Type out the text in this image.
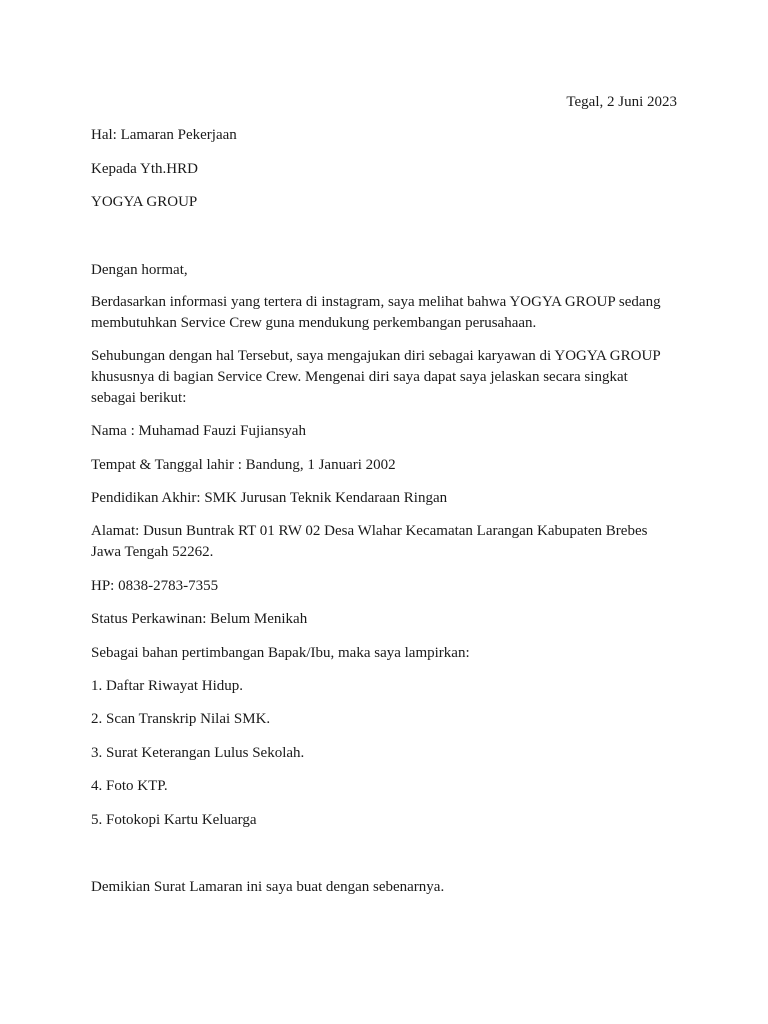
Tegal, 2 Juni 2023

Hal: Lamaran Pekerjaan

Kepada Yth.HRD

YOGYA GROUP

Dengan hormat,

Berdasarkan informasi yang tertera di instagram, saya melihat bahwa YOGYA GROUP sedang
membutuhkan Service Crew guna mendukung perkembangan perusahaan.
Sehubungan dengan hal Tersebut, saya mengajukan diri sebagai karyawan di YOGYA GROUP
khususnya di bagian Service Crew. Mengenai diri saya dapat saya jelaskan secara singkat
sebagai berikut:

Nama : Muhamad Fauzi Fujiansyah

Tempat & Tanggal lahir : Bandung, 1 Januari 2002

Pendidikan Akhir: SMK Jurusan Teknik Kendaraan Ringan

Alamat: Dusun Buntrak RT 01 RW 02 Desa Wlahar Kecamatan Larangan Kabupaten Brebes
Jawa Tengah 52262.

HP: 0838-2783-7355

Status Perkawinan: Belum Menikah

Sebagai bahan pertimbangan Bapak/Ibu, maka saya lampirkan:

1. Daftar Riwayat Hidup.

2. Scan Transkrip Nilai SMK.

3. Surat Keterangan Lulus Sekolah.

4. Foto KTP.

5. Fotokopi Kartu Keluarga

Demikian Surat Lamaran ini saya buat dengan sebenarnya.
